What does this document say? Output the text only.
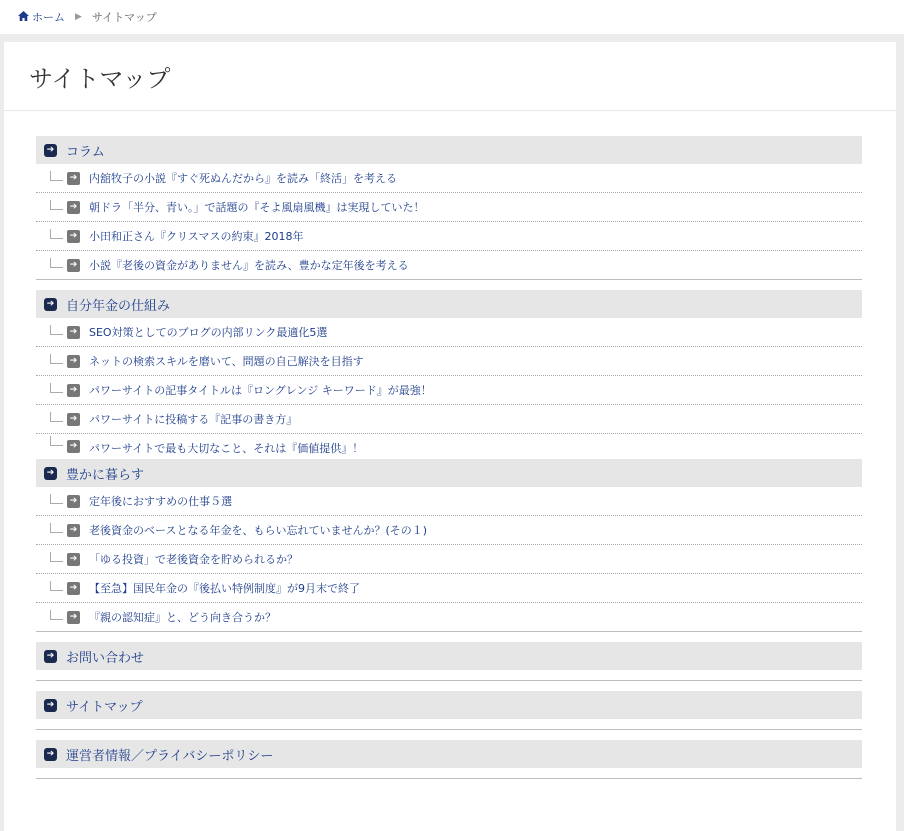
ホーム ▶ サイトマップ
サイトマップ
➔ コラム
➔ 内舘牧子の小説『すぐ死ぬんだから』を読み「終活」を考える
➔ 朝ドラ「半分、青い。」で話題の『そよ風扇風機』は実現していた！
➔ 小田和正さん『クリスマスの約束』2018年
➔ 小説『老後の資金がありません』を読み、豊かな定年後を考える
➔ 自分年金の仕組み
➔ SEO対策としてのブログの内部リンク最適化5選
➔ ネットの検索スキルを磨いて、問題の自己解決を目指す
➔ パワーサイトの記事タイトルは『ロングレンジ キーワード』が最強！
➔ パワーサイトに投稿する『記事の書き方』
➔ パワーサイトで最も大切なこと、それは『価値提供』！
➔ 豊かに暮らす
➔ 定年後におすすめの仕事５選
➔ 老後資金のベースとなる年金を、もらい忘れていませんか？(その１)
➔ 「ゆる投資」で老後資金を貯められるか？
➔ 【至急】国民年金の『後払い特例制度』が9月末で終了
➔ 『親の認知症』と、どう向き合うか？
➔ お問い合わせ
➔ サイトマップ
➔ 運営者情報／プライバシーポリシー
